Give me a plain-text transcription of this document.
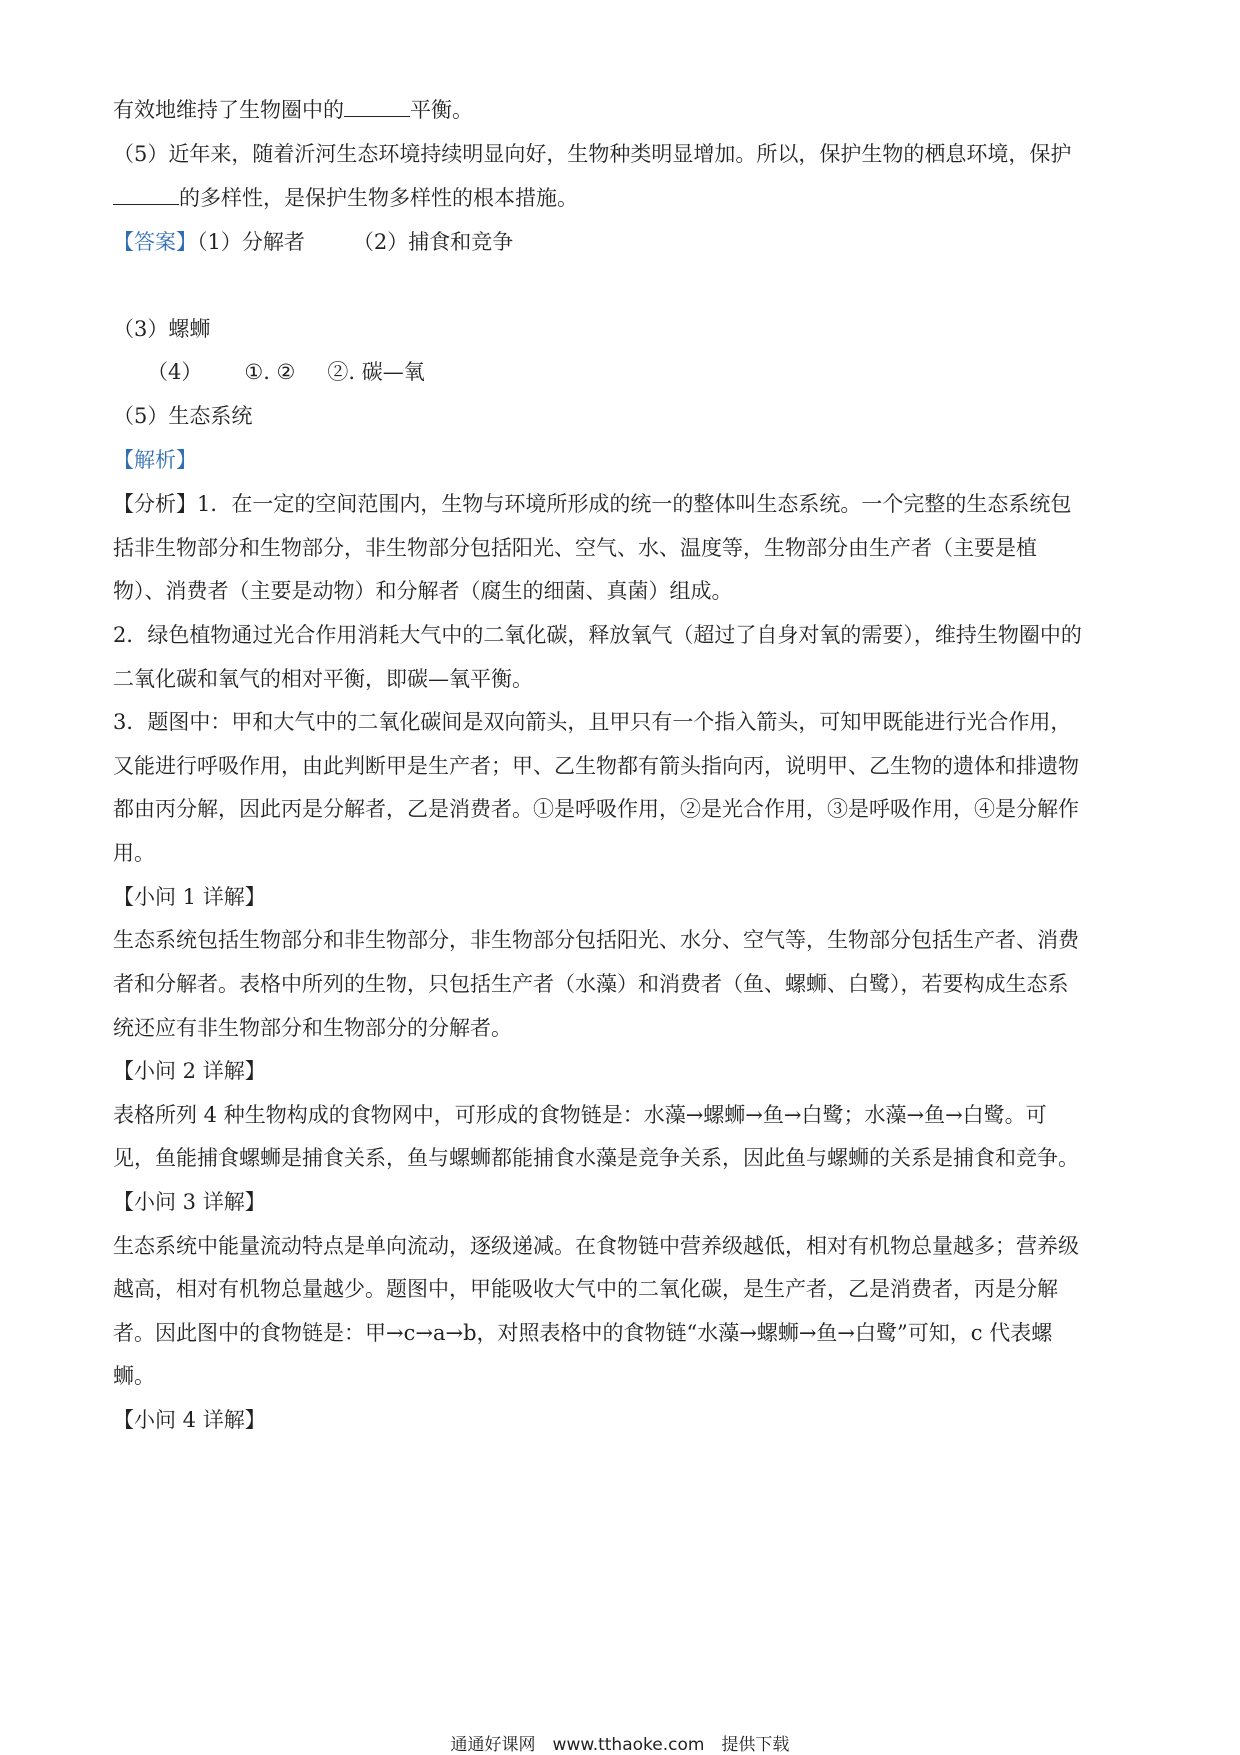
有效地维持了生物圈中的	平衡。
（5）近年来，随着沂河生态环境持续明显向好，生物种类明显增加。所以，保护生物的栖息环境，保护
的多样性，是保护生物多样性的根本措施。
【答案】（1）分解者 （2）捕食和竞争
（3）螺蛳
（4） ①. ② ②. 碳—氧
（5）生态系统
【解析】
【分析】1．在一定的空间范围内，生物与环境所形成的统一的整体叫生态系统。一个完整的生态系统包
括非生物部分和生物部分，非生物部分包括阳光、空气、水、温度等，生物部分由生产者（主要是植
物）、消费者（主要是动物）和分解者（腐生的细菌、真菌）组成。
2．绿色植物通过光合作用消耗大气中的二氧化碳，释放氧气（超过了自身对氧的需要），维持生物圈中的
二氧化碳和氧气的相对平衡，即碳—氧平衡。
3．题图中：甲和大气中的二氧化碳间是双向箭头，且甲只有一个指入箭头，可知甲既能进行光合作用，
又能进行呼吸作用，由此判断甲是生产者；甲、乙生物都有箭头指向丙，说明甲、乙生物的遗体和排遗物
都由丙分解，因此丙是分解者，乙是消费者。①是呼吸作用，②是光合作用，③是呼吸作用，④是分解作
用。
【小问 1 详解】
生态系统包括生物部分和非生物部分，非生物部分包括阳光、水分、空气等，生物部分包括生产者、消费
者和分解者。表格中所列的生物，只包括生产者（水藻）和消费者（鱼、螺蛳、白鹭），若要构成生态系
统还应有非生物部分和生物部分的分解者。
【小问 2 详解】
表格所列 4 种生物构成的食物网中，可形成的食物链是：水藻→螺蛳→鱼→白鹭；水藻→鱼→白鹭。可
见，鱼能捕食螺蛳是捕食关系，鱼与螺蛳都能捕食水藻是竞争关系，因此鱼与螺蛳的关系是捕食和竞争。
【小问 3 详解】
生态系统中能量流动特点是单向流动，逐级递减。在食物链中营养级越低，相对有机物总量越多；营养级
越高，相对有机物总量越少。题图中，甲能吸收大气中的二氧化碳，是生产者，乙是消费者，丙是分解
者。因此图中的食物链是：甲→c→a→b，对照表格中的食物链“水藻→螺蛳→鱼→白鹭”可知，c 代表螺
蛳。
【小问 4 详解】
通通好课网　www.tthaoke.com　提供下载
